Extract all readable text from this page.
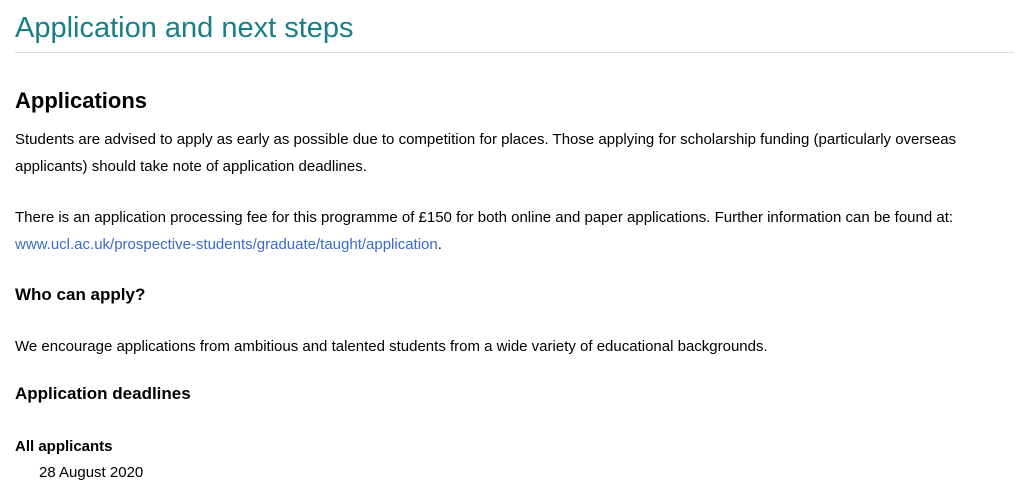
Application and next steps
Applications

Students are advised to apply as early as possible due to competition for places. Those applying for scholarship funding (particularly overseas applicants) should take note of application deadlines.

There is an application processing fee for this programme of £150 for both online and paper applications. Further information can be found at: www.ucl.ac.uk/prospective-students/graduate/taught/application.

Who can apply?

We encourage applications from ambitious and talented students from a wide variety of educational backgrounds.

Application deadlines
All applicants
28 August 2020
